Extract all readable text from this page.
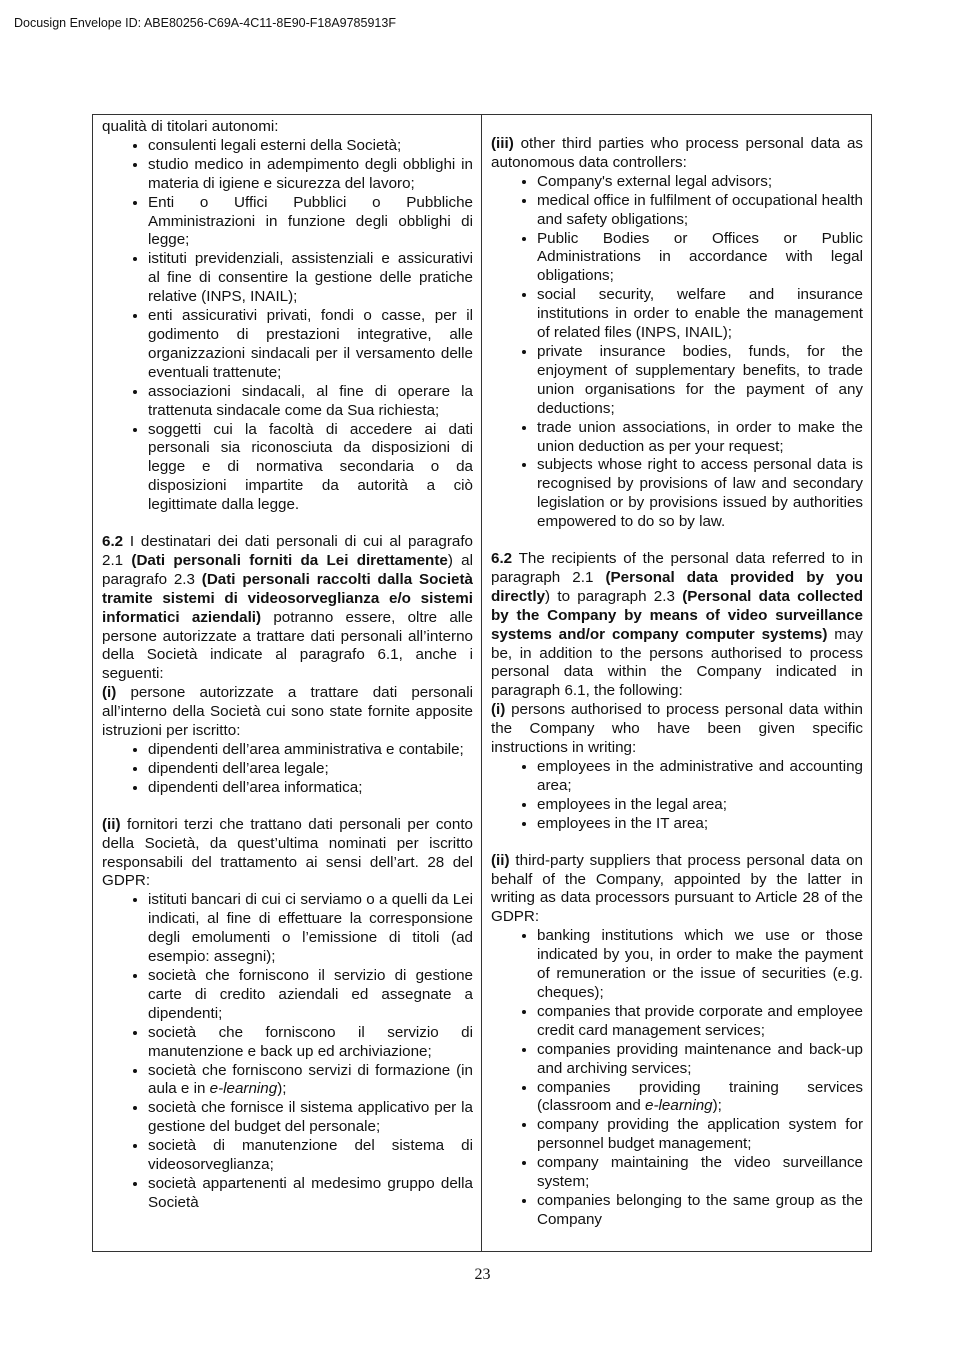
Docusign Envelope ID: ABE80256-C69A-4C11-8E90-F18A9785913F

qualità di titolari autonomi:

• consulenti legali esterni della Società;
• studio medico in adempimento degli obblighi in materia di igiene e sicurezza del lavoro;
• Enti o Uffici Pubblici o Pubbliche Amministrazioni in funzione degli obblighi di legge;
• istituti previdenziali, assistenziali e assicurativi al fine di consentire la gestione delle pratiche relative (INPS, INAIL);
• enti assicurativi privati, fondi o casse, per il godimento di prestazioni integrative, alle organizzazioni sindacali per il versamento delle eventuali trattenute;
• associazioni sindacali, al fine di operare la trattenuta sindacale come da Sua richiesta;
• soggetti cui la facoltà di accedere ai dati personali sia riconosciuta da disposizioni di legge e di normativa secondaria o da disposizioni impartite da autorità a ciò legittimate dalla legge.

6.2 I destinatari dei dati personali di cui al paragrafo 2.1 (Dati personali forniti da Lei direttamente) al paragrafo 2.3 (Dati personali raccolti dalla Società tramite sistemi di videosorveglianza e/o sistemi informatici aziendali) potranno essere, oltre alle persone autorizzate a trattare dati personali all’interno della Società indicate al paragrafo 6.1, anche i seguenti:

(i) persone autorizzate a trattare dati personali all’interno della Società cui sono state fornite apposite istruzioni per iscritto:

• dipendenti dell’area amministrativa e contabile;
• dipendenti dell’area legale;
• dipendenti dell’area informatica;

(ii) fornitori terzi che trattano dati personali per conto della Società, da quest’ultima nominati per iscritto responsabili del trattamento ai sensi dell’art. 28 del GDPR:

• istituti bancari di cui ci serviamo o a quelli da Lei indicati, al fine di effettuare la corresponsione degli emolumenti o l’emissione di titoli (ad esempio: assegni);
• società che forniscono il servizio di gestione carte di credito aziendali ed assegnate a dipendenti;
• società che forniscono il servizio di manutenzione e back up ed archiviazione;
• società che forniscono servizi di formazione (in aula e in e-learning);
• società che fornisce il sistema applicativo per la gestione del budget del personale;
• società di manutenzione del sistema di videosorveglianza;
• società appartenenti al medesimo gruppo della Società

(iii) other third parties who process personal data as autonomous data controllers:

• Company's external legal advisors;
• medical office in fulfilment of occupational health and safety obligations;
• Public Bodies or Offices or Public Administrations in accordance with legal obligations;
• social security, welfare and insurance institutions in order to enable the management of related files (INPS, INAIL);
• private insurance bodies, funds, for the enjoyment of supplementary benefits, to trade union organisations for the payment of any deductions;
• trade union associations, in order to make the union deduction as per your request;
• subjects whose right to access personal data is recognised by provisions of law and secondary legislation or by provisions issued by authorities empowered to do so by law.

6.2 The recipients of the personal data referred to in paragraph 2.1 (Personal data provided by you directly) to paragraph 2.3 (Personal data collected by the Company by means of video surveillance systems and/or company computer systems) may be, in addition to the persons authorised to process personal data within the Company indicated in paragraph 6.1, the following:

(i) persons authorised to process personal data within the Company who have been given specific instructions in writing:

• employees in the administrative and accounting area;
• employees in the legal area;
• employees in the IT area;

(ii) third-party suppliers that process personal data on behalf of the Company, appointed by the latter in writing as data processors pursuant to Article 28 of the GDPR:

• banking institutions which we use or those indicated by you, in order to make the payment of remuneration or the issue of securities (e.g. cheques);
• companies that provide corporate and employee credit card management services;
• companies providing maintenance and back-up and archiving services;
• companies providing training services (classroom and e-learning);
• company providing the application system for personnel budget management;
• company maintaining the video surveillance system;
• companies belonging to the same group as the Company
23
